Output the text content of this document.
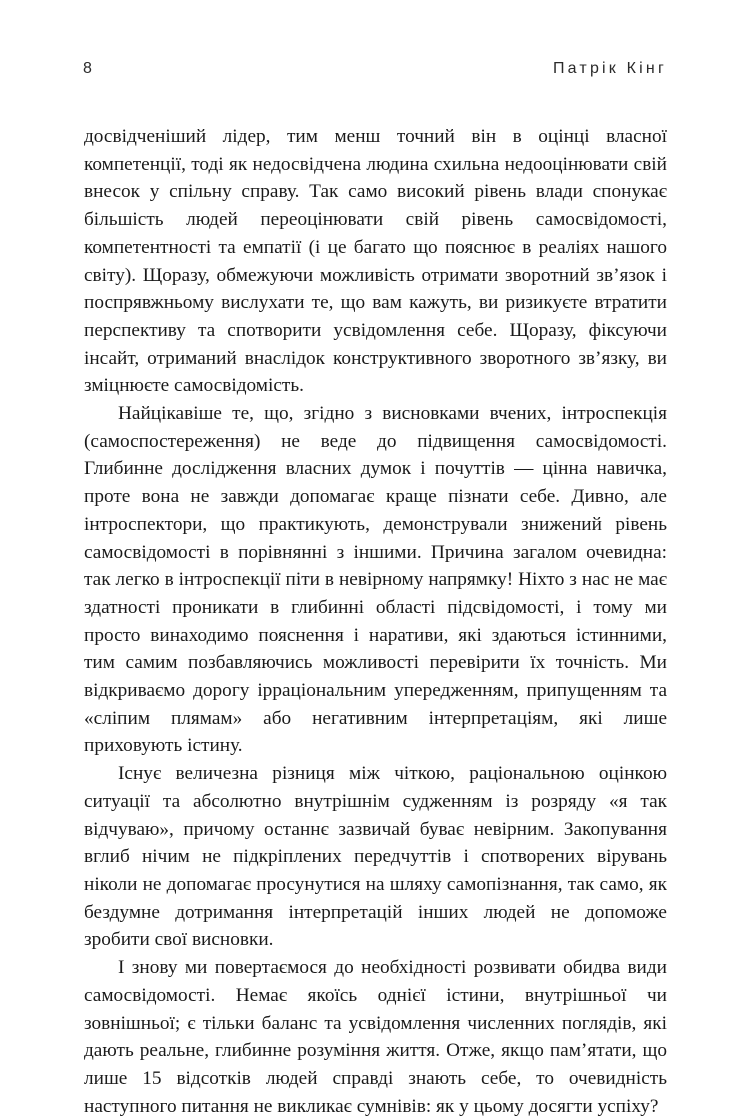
8	Патрік Кінг

досвідченіший лідер, тим менш точний він в оцінці власної компетенції, тоді як недосвідчена людина схильна недооцінювати свій внесок у спільну справу. Так само високий рівень влади спонукає більшість людей переоцінювати свій рівень самосвідомості, компетентності та емпатії (і це багато що пояснює в реаліях нашого світу). Щоразу, обмежуючи можливість отримати зворотний зв’язок і поспрявжньому вислухати те, що вам кажуть, ви ризикуєте втратити перспективу та спотворити усвідомлення себе. Щоразу, фіксуючи інсайт, отриманий внаслідок конструктивного зворотного зв’язку, ви зміцнюєте самосвідомість.

Найцікавіше те, що, згідно з висновками вчених, інтроспекція (самоспостереження) не веде до підвищення самосвідомості. Глибинне дослідження власних думок і почуттів — цінна навичка, проте вона не завжди допомагає краще пізнати себе. Дивно, але інтроспектори, що практикують, демонстрували знижений рівень самосвідомості в порівнянні з іншими. Причина загалом очевидна: так легко в інтроспекції піти в невірному напрямку! Ніхто з нас не має здатності проникати в глибинні області підсвідомості, і тому ми просто винаходимо пояснення і наративи, які здаються істинними, тим самим позбавляючись можливості перевірити їх точність. Ми відкриваємо дорогу ірраціональним упередженням, припущенням та «сліпим плямам» або негативним інтерпретаціям, які лише приховують істину.

Існує величезна різниця між чіткою, раціональною оцінкою ситуації та абсолютно внутрішнім судженням із розряду «я так відчуваю», причому останнє зазвичай буває невірним. Закопування вглиб нічим не підкріплених передчуттів і спотворених вірувань ніколи не допомагає просунутися на шляху самопізнання, так само, як бездумне дотримання інтерпретацій інших людей не допоможе зробити свої висновки.

І знову ми повертаємося до необхідності розвивати обидва види самосвідомості. Немає якоїсь однієї істини, внутрішньої чи зовнішньої; є тільки баланс та усвідомлення численних поглядів, які дають реальне, глибинне розуміння життя. Отже, якщо пам’ятати, що лише 15 відсотків людей справді знають себе, то очевидність наступного питання не викликає сумнівів: як у цьому досягти успіху?
